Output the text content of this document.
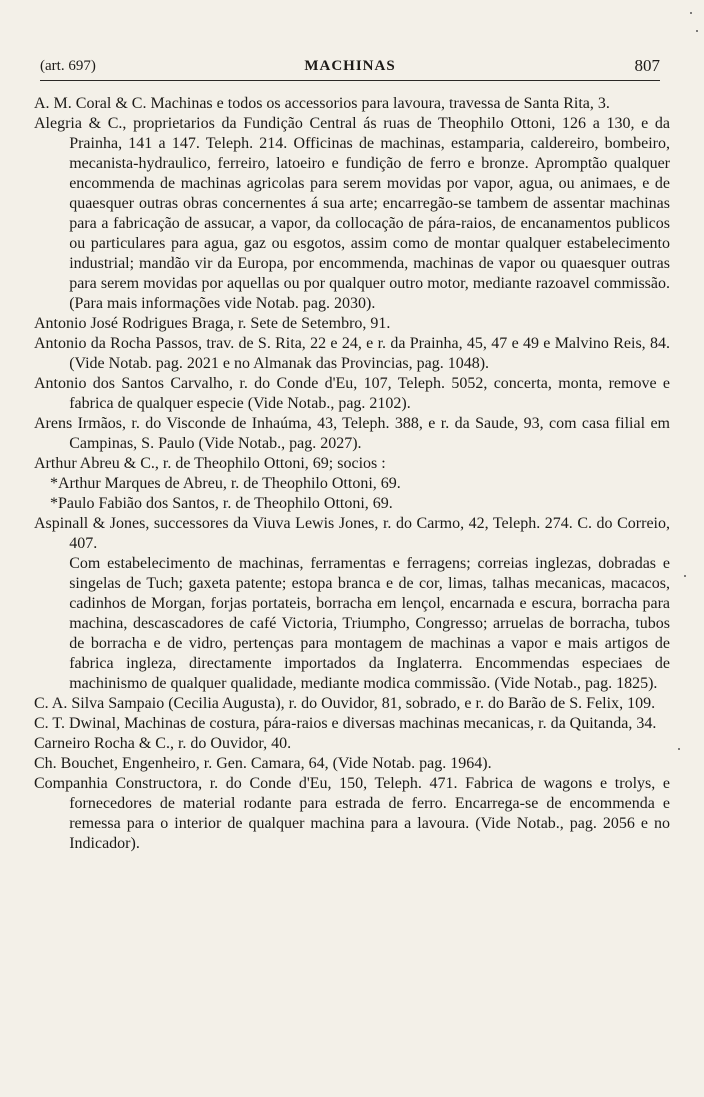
(art. 697)	MACHINAS	807

A. M. Coral & C. Machinas e todos os accessorios para lavoura, travessa de Santa Rita, 3.

Alegria & C., proprietarios da Fundição Central ás ruas de Theophilo Ottoni, 126 a 130, e da Prainha, 141 a 147. Teleph. 214. Officinas de machinas, estamparia, caldereiro, bombeiro, mecanista-hydraulico, ferreiro, latoeiro e fundição de ferro e bronze. Apromptão qualquer encommenda de machinas agricolas para serem movidas por vapor, agua, ou animaes, e de quaesquer outras obras concernentes á sua arte; encarregão-se tambem de assentar machinas para a fabricação de assucar, a vapor, da collocação de pára-raios, de encanamentos publicos ou particulares para agua, gaz ou esgotos, assim como de montar qualquer estabelecimento industrial; mandão vir da Europa, por encommenda, machinas de vapor ou quaesquer outras para serem movidas por aquellas ou por qualquer outro motor, mediante razoavel commissão. (Para mais informações vide Notab. pag. 2030).

Antonio José Rodrigues Braga, r. Sete de Setembro, 91.

Antonio da Rocha Passos, trav. de S. Rita, 22 e 24, e r. da Prainha, 45, 47 e 49 e Malvino Reis, 84. (Vide Notab. pag. 2021 e no Almanak das Provincias, pag. 1048).

Antonio dos Santos Carvalho, r. do Conde d'Eu, 107, Teleph. 5052, concerta, monta, remove e fabrica de qualquer especie (Vide Notab., pag. 2102).

Arens Irmãos, r. do Visconde de Inhaúma, 43, Teleph. 388, e r. da Saude, 93, com casa filial em Campinas, S. Paulo (Vide Notab., pag. 2027).

Arthur Abreu & C., r. de Theophilo Ottoni, 69; socios :

*Arthur Marques de Abreu, r. de Theophilo Ottoni, 69.

*Paulo Fabião dos Santos, r. de Theophilo Ottoni, 69.

Aspinall & Jones, successores da Viuva Lewis Jones, r. do Carmo, 42, Teleph. 274. C. do Correio, 407.

Com estabelecimento de machinas, ferramentas e ferragens; correias inglezas, dobradas e singelas de Tuch; gaxeta patente; estopa branca e de cor, limas, talhas mecanicas, macacos, cadinhos de Morgan, forjas portateis, borracha em lençol, encarnada e escura, borracha para machina, descascadores de café Victoria, Triumpho, Congresso; arruelas de borracha, tubos de borracha e de vidro, pertenças para montagem de machinas a vapor e mais artigos de fabrica ingleza, directamente importados da Inglaterra. Encommendas especiaes de machinismo de qualquer qualidade, mediante modica commissão. (Vide Notab., pag. 1825).

C. A. Silva Sampaio (Cecilia Augusta), r. do Ouvidor, 81, sobrado, e r. do Barão de S. Felix, 109.

C. T. Dwinal, Machinas de costura, pára-raios e diversas machinas mecanicas, r. da Quitanda, 34.

Carneiro Rocha & C., r. do Ouvidor, 40.

Ch. Bouchet, Engenheiro, r. Gen. Camara, 64, (Vide Notab. pag. 1964).

Companhia Constructora, r. do Conde d'Eu, 150, Teleph. 471. Fabrica de wagons e trolys, e fornecedores de material rodante para estrada de ferro. Encarrega-se de encommenda e remessa para o interior de qualquer machina para a lavoura. (Vide Notab., pag. 2056 e no Indicador).
